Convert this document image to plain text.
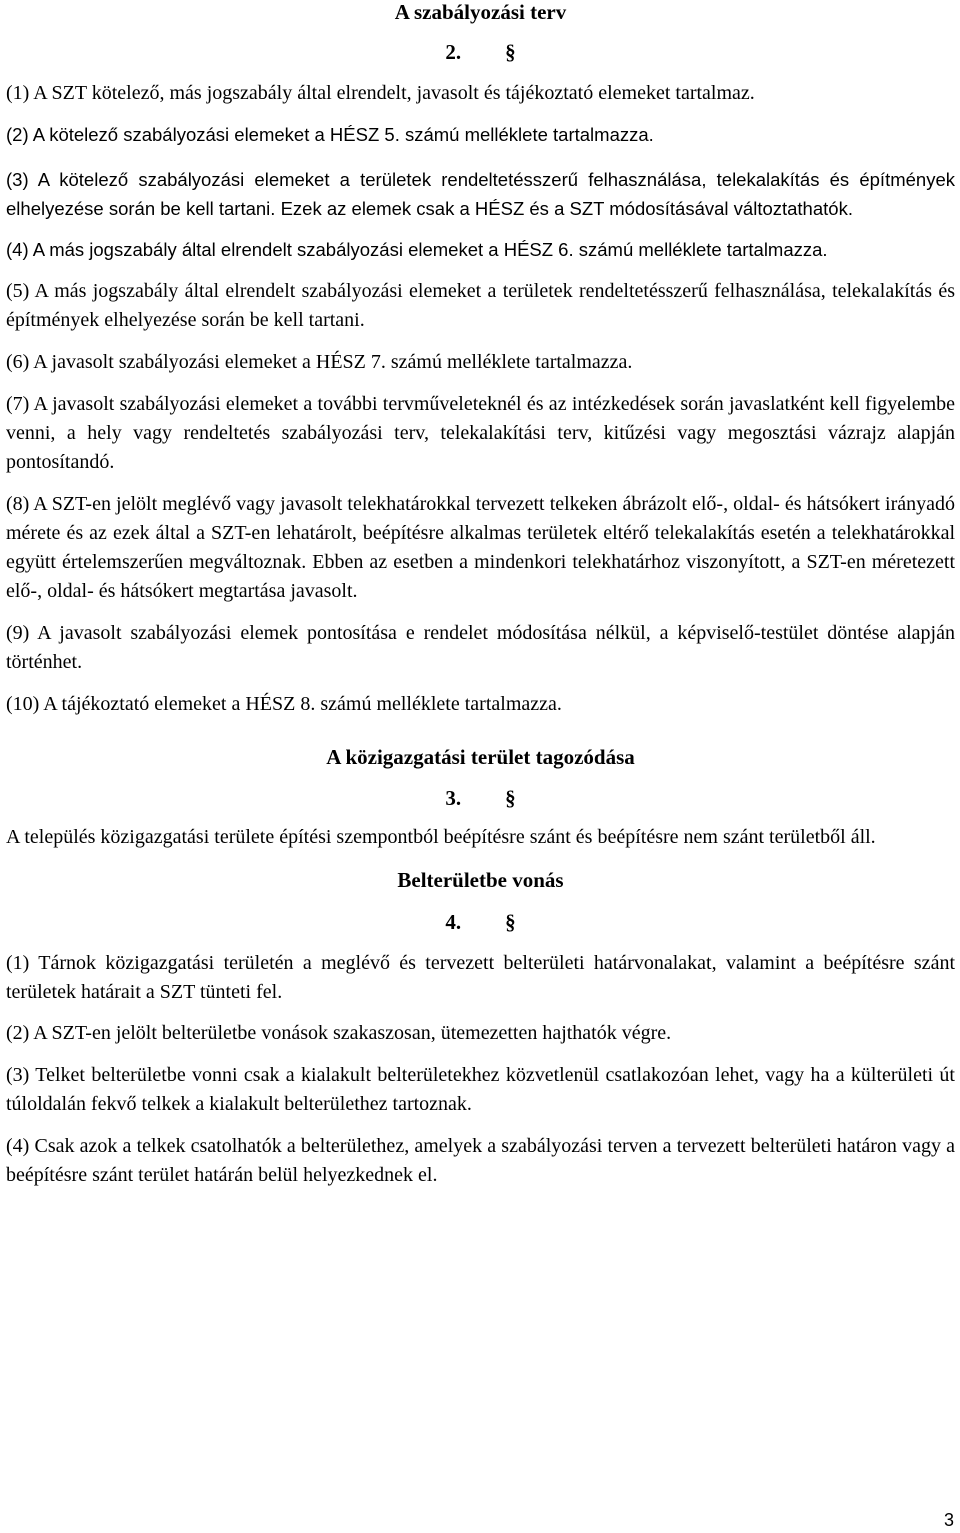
A szabályozási terv
2. §

(1) A SZT kötelező, más jogszabály által elrendelt, javasolt és tájékoztató elemeket tartalmaz.

(2) A kötelező szabályozási elemeket a HÉSZ 5. számú melléklete tartalmazza.

(3) A kötelező szabályozási elemeket a területek rendeltetésszerű felhasználása, telekalakítás és építmények elhelyezése során be kell tartani. Ezek az elemek csak a HÉSZ és a SZT módosításával változtathatók.

(4) A más jogszabály által elrendelt szabályozási elemeket a HÉSZ 6. számú melléklete tartalmazza.

(5) A más jogszabály által elrendelt szabályozási elemeket a területek rendeltetésszerű felhasználása, telekalakítás és építmények elhelyezése során be kell tartani.

(6) A javasolt szabályozási elemeket a HÉSZ 7. számú melléklete tartalmazza.

(7) A javasolt szabályozási elemeket a további tervműveleteknél és az intézkedések során javaslatként kell figyelembe venni, a hely vagy rendeltetés szabályozási terv, telekalakítási terv, kitűzési vagy megosztási vázrajz alapján pontosítandó.

(8) A SZT-en jelölt meglévő vagy javasolt telekhatárokkal tervezett telkeken ábrázolt elő-, oldal- és hátsókert irányadó mérete és az ezek által a SZT-en lehatárolt, beépítésre alkalmas területek eltérő telekalakítás esetén a telekhatárokkal együtt értelemszerűen megváltoznak. Ebben az esetben a mindenkori telekhatárhoz viszonyított, a SZT-en méretezett elő-, oldal- és hátsókert megtartása javasolt.

(9) A javasolt szabályozási elemek pontosítása e rendelet módosítása nélkül, a képviselő-testület döntése alapján történhet.

(10) A tájékoztató elemeket a HÉSZ 8. számú melléklete tartalmazza.

A közigazgatási terület tagozódása
3. §

A település közigazgatási területe építési szempontból beépítésre szánt és beépítésre nem szánt területből áll.

Belterületbe vonás
4. §

(1) Tárnok közigazgatási területén a meglévő és tervezett belterületi határvonalakat, valamint a beépítésre szánt területek határait a SZT tünteti fel.

(2) A SZT-en jelölt belterületbe vonások szakaszosan, ütemezetten hajthatók végre.

(3) Telket belterületbe vonni csak a kialakult belterületekhez közvetlenül csatlakozóan lehet, vagy ha a külterületi út túloldalán fekvő telkek a kialakult belterülethez tartoznak.

(4) Csak azok a telkek csatolhatók a belterülethez, amelyek a szabályozási terven a tervezett belterületi határon vagy a beépítésre szánt terület határán belül helyezkednek el.

3
